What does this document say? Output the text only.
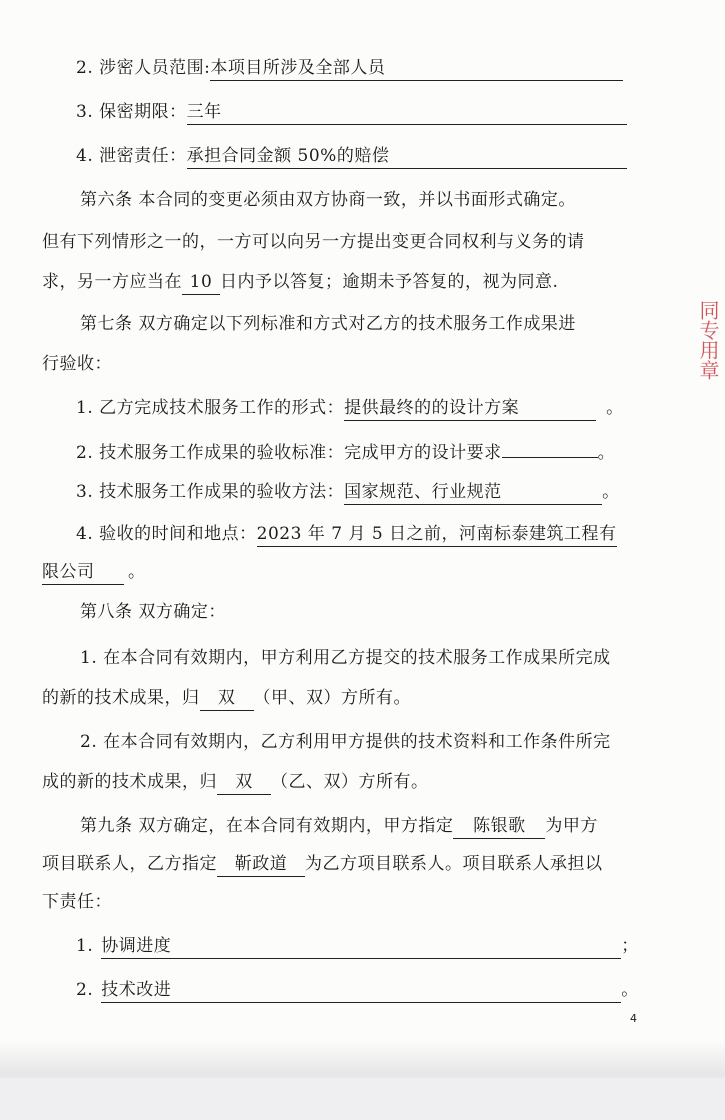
2. 涉密人员范围:本项目所涉及全部人员
3. 保密期限：三年
4. 泄密责任：承担合同金额 50%的赔偿
第六条 本合同的变更必须由双方协商一致，并以书面形式确定。
但有下列情形之一的，一方可以向另一方提出变更合同权利与义务的请
求，另一方应当在 10 日内予以答复；逾期未予答复的，视为同意.
第七条 双方确定以下列标准和方式对乙方的技术服务工作成果进
行验收：
1. 乙方完成技术服务工作的形式：提供最终的的设计方案	。
2. 技术服务工作成果的验收标准：完成甲方的设计要求	。
3. 技术服务工作成果的验收方法：国家规范、行业规范	。
4. 验收的时间和地点：2023 年 7 月 5 日之前，河南标泰建筑工程有
限公司 。
第八条 双方确定：
1. 在本合同有效期内，甲方利用乙方提交的技术服务工作成果所完成
的新的技术成果，归 双 （甲、双）方所有。
2. 在本合同有效期内，乙方利用甲方提供的技术资料和工作条件所完
成的新的技术成果，归 双 （乙、双）方所有。
第九条 双方确定，在本合同有效期内，甲方指定 陈银歌 为甲方
项目联系人，乙方指定 靳政道 为乙方项目联系人。项目联系人承担以
下责任：
1. 协调进度	；
2. 技术改进	。
同专用章
4
